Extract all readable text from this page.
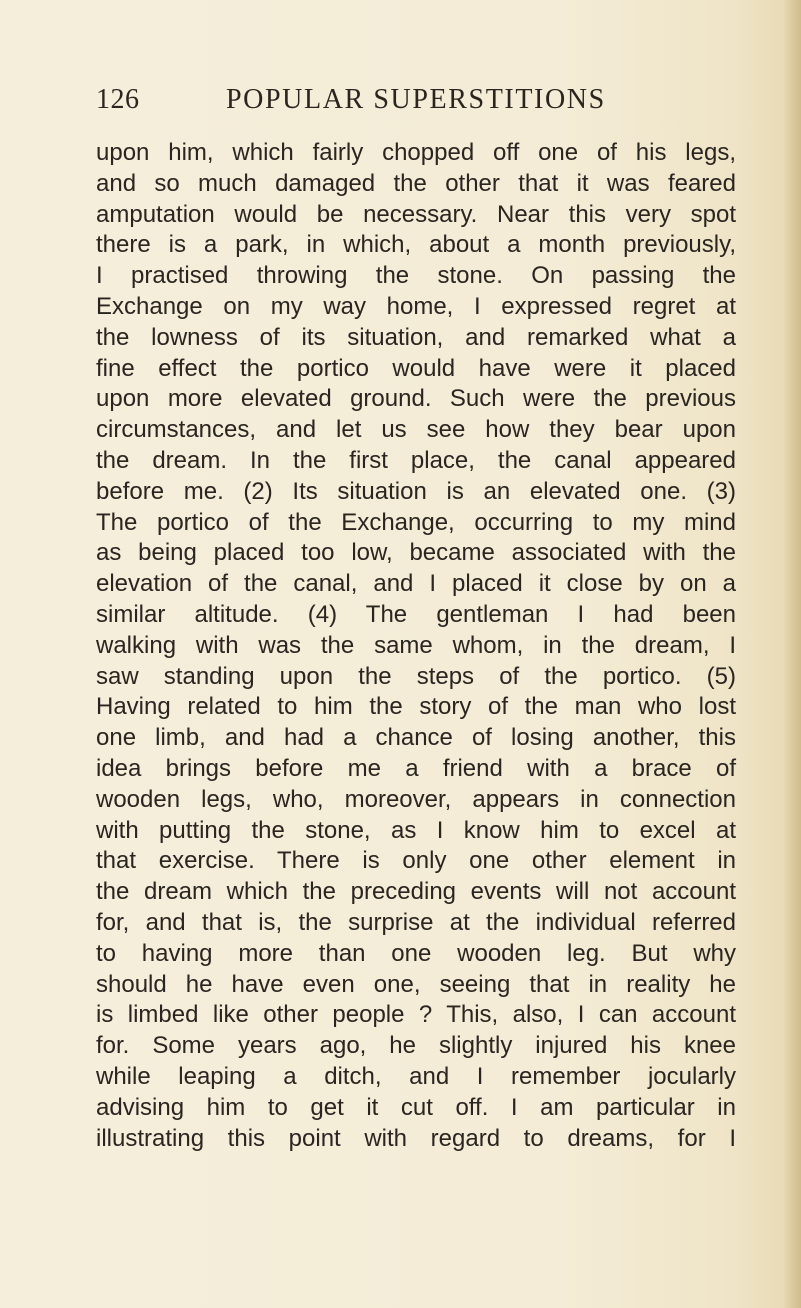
126	POPULAR SUPERSTITIONS
upon him, which fairly chopped off one of his legs,
and so much damaged the other that it was feared
amputation would be necessary. Near this very spot
there is a park, in which, about a month previously,
I practised throwing the stone. On passing the
Exchange on my way home, I expressed regret at
the lowness of its situation, and remarked what a
fine effect the portico would have were it placed
upon more elevated ground. Such were the previous
circumstances, and let us see how they bear upon
the dream. In the first place, the canal appeared
before me. (2) Its situation is an elevated one. (3)
The portico of the Exchange, occurring to my mind
as being placed too low, became associated with the
elevation of the canal, and I placed it close by on a
similar altitude. (4) The gentleman I had been
walking with was the same whom, in the dream, I
saw standing upon the steps of the portico. (5)
Having related to him the story of the man who lost
one limb, and had a chance of losing another, this
idea brings before me a friend with a brace of
wooden legs, who, moreover, appears in connection
with putting the stone, as I know him to excel at
that exercise. There is only one other element in
the dream which the preceding events will not account
for, and that is, the surprise at the individual referred
to having more than one wooden leg. But why
should he have even one, seeing that in reality he
is limbed like other people ? This, also, I can account
for. Some years ago, he slightly injured his knee
while leaping a ditch, and I remember jocularly
advising him to get it cut off. I am particular in
illustrating this point with regard to dreams, for I
